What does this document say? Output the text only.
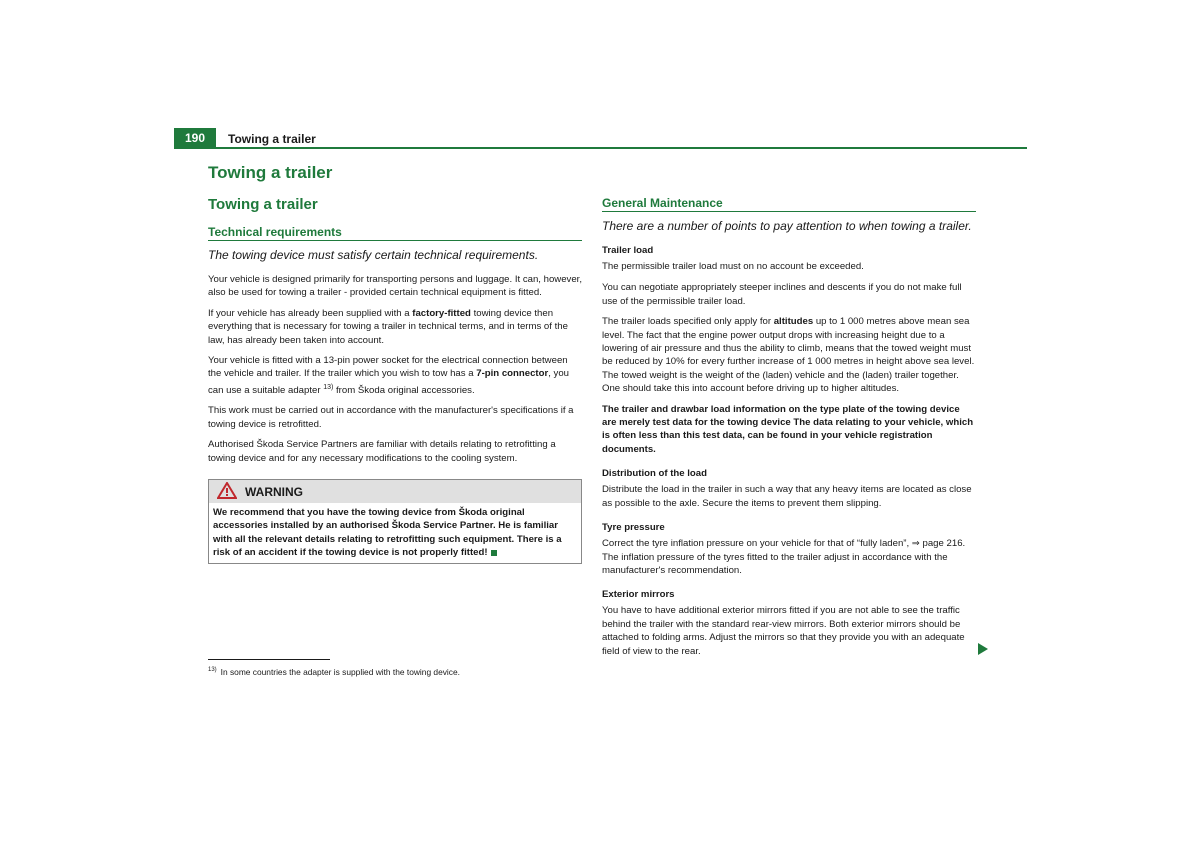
190	Towing a trailer
Towing a trailer
Towing a trailer
Technical requirements
The towing device must satisfy certain technical requirements.

Your vehicle is designed primarily for transporting persons and luggage. It can, however, also be used for towing a trailer - provided certain technical equipment is fitted.

If your vehicle has already been supplied with a factory-fitted towing device then everything that is necessary for towing a trailer in technical terms, and in terms of the law, has already been taken into account.

Your vehicle is fitted with a 13-pin power socket for the electrical connection between the vehicle and trailer. If the trailer which you wish to tow has a 7-pin connector, you can use a suitable adapter $^{13)}$ from Škoda original accessories.

This work must be carried out in accordance with the manufacturer's specifications if a towing device is retrofitted.

Authorised Škoda Service Partners are familiar with details relating to retrofitting a towing device and for any necessary modifications to the cooling system.

WARNING

We recommend that you have the towing device from Škoda original accessories installed by an authorised Škoda Service Partner. He is familiar with all the relevant details relating to retrofitting such equipment. There is a risk of an accident if the towing device is not properly fitted!

$^{13)}$ In some countries the adapter is supplied with the towing device.
General Maintenance
There are a number of points to pay attention to when towing a trailer.
Trailer load

The permissible trailer load must on no account be exceeded.

You can negotiate appropriately steeper inclines and descents if you do not make full use of the permissible trailer load.

The trailer loads specified only apply for altitudes up to 1 000 metres above mean sea level. The fact that the engine power output drops with increasing height due to a lowering of air pressure and thus the ability to climb, means that the towed weight must be reduced by 10% for every further increase of 1 000 metres in height above sea level. The towed weight is the weight of the (laden) vehicle and the (laden) trailer together. One should take this into account before driving up to higher altitudes.

The trailer and drawbar load information on the type plate of the towing device are merely test data for the towing device The data relating to your vehicle, which is often less than this test data, can be found in your vehicle registration documents.

Distribution of the load

Distribute the load in the trailer in such a way that any heavy items are located as close as possible to the axle. Secure the items to prevent them slipping.

Tyre pressure

Correct the tyre inflation pressure on your vehicle for that of “fully laden”, ⇒ page 216. The inflation pressure of the tyres fitted to the trailer adjust in accordance with the manufacturer's recommendation.

Exterior mirrors

You have to have additional exterior mirrors fitted if you are not able to see the traffic behind the trailer with the standard rear-view mirrors. Both exterior mirrors should be attached to folding arms. Adjust the mirrors so that they provide you with an adequate field of view to the rear.
